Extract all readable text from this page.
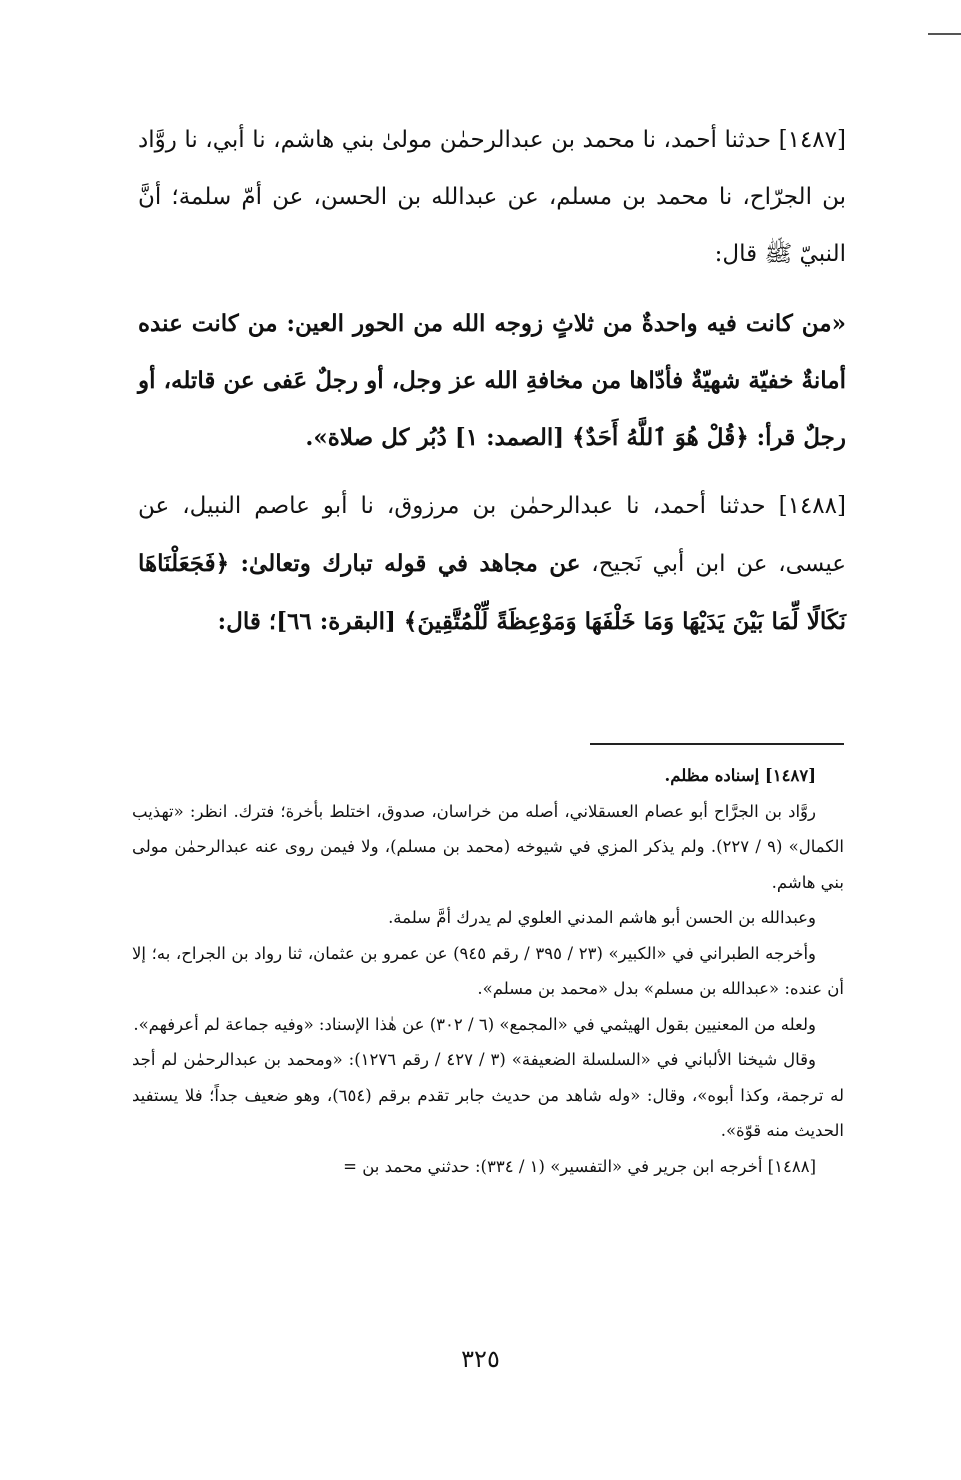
[١٤٨٧] حدثنا أحمد، نا محمد بن عبدالرحمٰن مولىٰ بني هاشم، نا أبي، نا روَّاد بن الجرّاح، نا محمد بن مسلم، عن عبدالله بن الحسن، عن أمّ سلمة؛ أنَّ النبيّ ﷺ قال:

«من كانت فيه واحدةٌ من ثلاثٍ زوجه الله من الحور العين: من كانت عنده أمانةٌ خفيّة شهيّةٌ فأدّاها من مخافةِ الله عز وجل، أو رجلٌ عَفى عن قاتله، أو رجلٌ قرأ: ﴿قُلْ هُوَ ٱللَّهُ أَحَدٌ﴾ [الصمد: ١] دُبُر كل صلاة».

[١٤٨٨] حدثنا أحمد، نا عبدالرحمٰن بن مرزوق، نا أبو عاصم النبيل، عن عيسى، عن ابن أبي نَجيح، عن مجاهد في قوله تبارك وتعالىٰ: ﴿فَجَعَلْنَاهَا نَكَالًا لِّمَا بَيْنَ يَدَيْهَا وَمَا خَلْفَهَا وَمَوْعِظَةً لِّلْمُتَّقِينَ﴾ [البقرة: ٦٦]؛ قال:

[١٤٨٧] إسناده مظلم.

روَّاد بن الجرَّاح أبو عصام العسقلاني، أصله من خراسان، صدوق، اختلط بأخرة؛ فترك. انظر: «تهذيب الكمال» (٩ / ٢٢٧). ولم يذكر المزي في شيوخه (محمد بن مسلم)، ولا فيمن روى عنه عبدالرحمٰن مولى بني هاشم.

وعبدالله بن الحسن أبو هاشم المدني العلوي لم يدرك أمَّ سلمة.

وأخرجه الطبراني في «الكبير» (٢٣ / ٣٩٥ / رقم ٩٤٥) عن عمرو بن عثمان، ثنا رواد بن الجراح، به؛ إلا أن عنده: «عبدالله بن مسلم» بدل «محمد بن مسلم».

ولعله من المعنيين بقول الهيثمي في «المجمع» (٦ / ٣٠٢) عن هٰذا الإسناد: «وفيه جماعة لم أعرفهم».

وقال شيخنا الألباني في «السلسلة الضعيفة» (٣ / ٤٢٧ / رقم ١٢٧٦): «ومحمد بن عبدالرحمٰن لم أجد له ترجمة، وكذا أبوه»، وقال: «وله شاهد من حديث جابر تقدم برقم (٦٥٤)، وهو ضعيف جداً؛ فلا يستفيد الحديث منه قوّة».

[١٤٨٨] أخرجه ابن جرير في «التفسير» (١ / ٣٣٤): حدثني محمد بن =

٣٢٥
